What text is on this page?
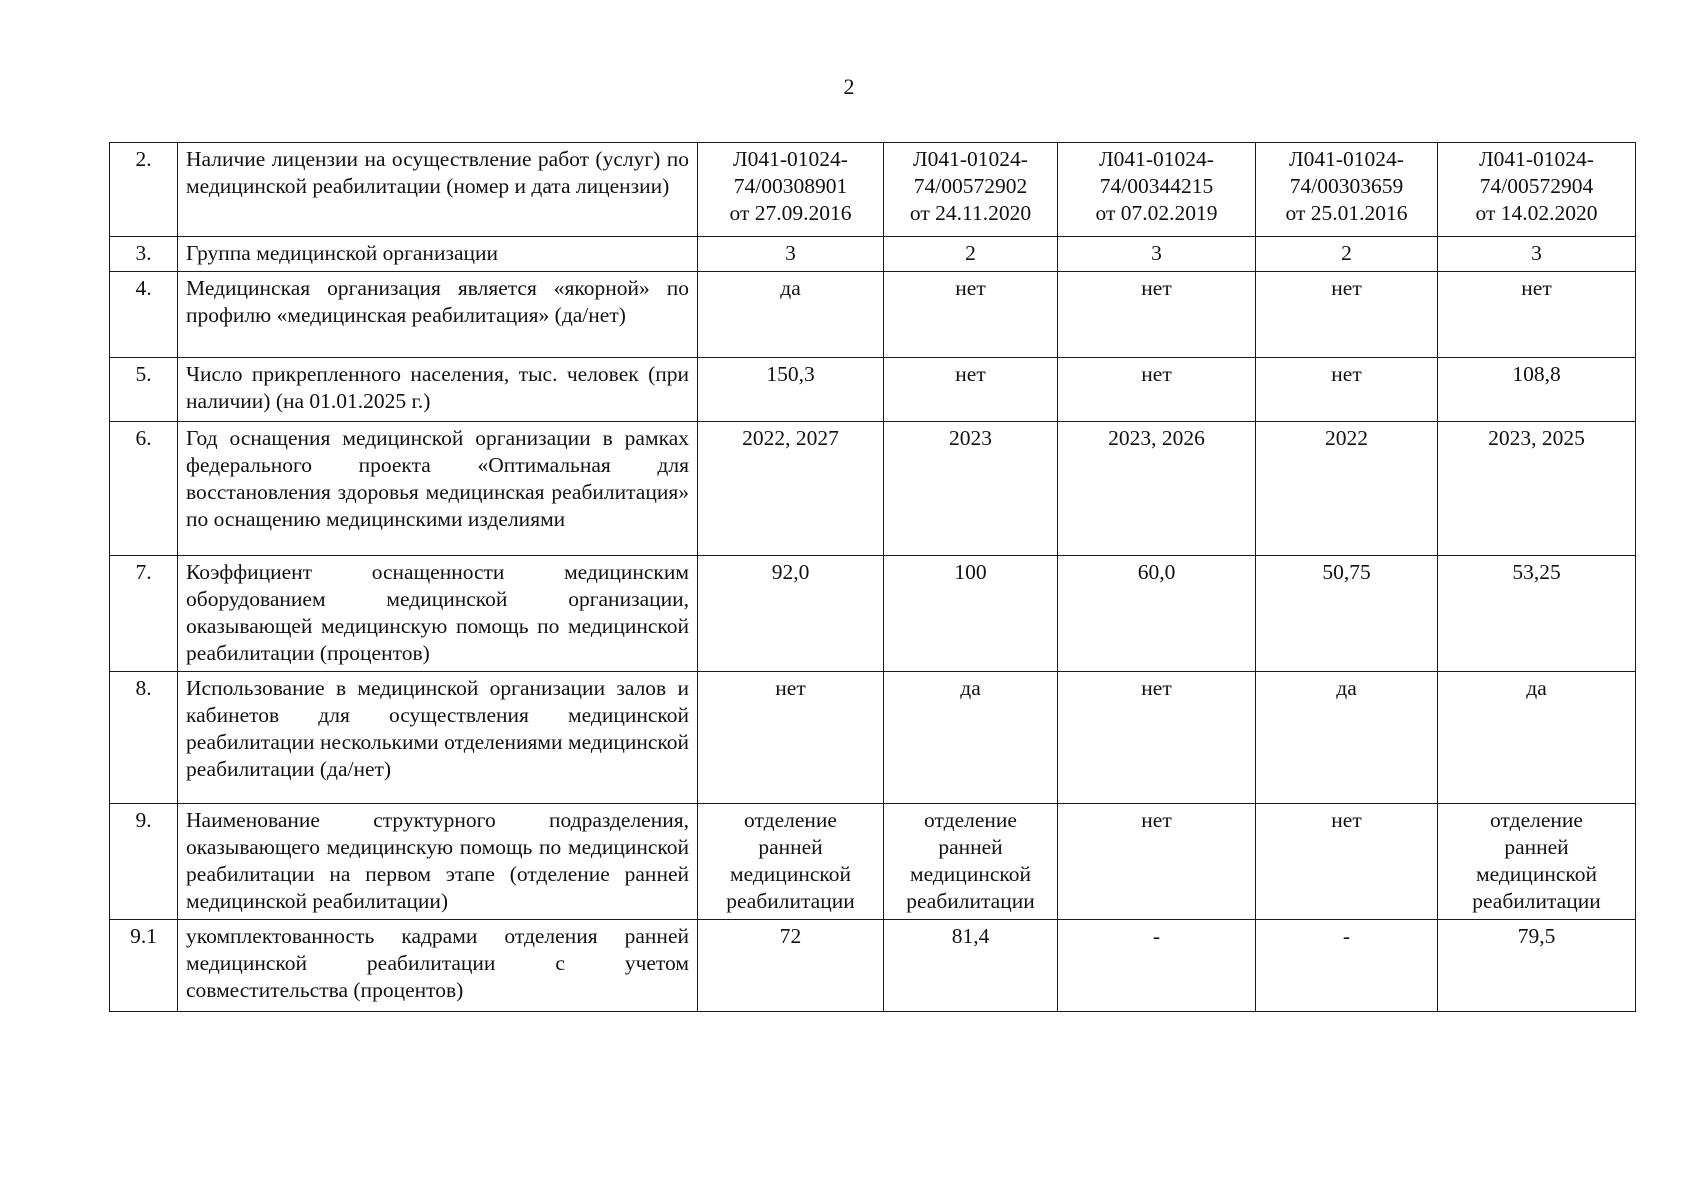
2
2.	Наличие лицензии на осуществление работ (услуг) по медицинской реабилитации (номер и дата лицензии)	Л041-01024-
74/00308901
от 27.09.2016	Л041-01024-
74/00572902
от 24.11.2020	Л041-01024-
74/00344215
от 07.02.2019	Л041-01024-
74/00303659
от 25.01.2016	Л041-01024-
74/00572904
от 14.02.2020

3.	Группа медицинской организации	3	2	3	2	3

4.	Медицинская организация является «якорной» по профилю «медицинская реабилитация» (да/нет)	да	нет	нет	нет	нет

5.	Число прикрепленного населения, тыс. человек (при наличии) (на 01.01.2025 г.)	150,3	нет	нет	нет	108,8

6.	Год оснащения медицинской организации в рамках федерального проекта «Оптимальная для восстановления здоровья медицинская реабилитация» по оснащению медицинскими изделиями	2022, 2027	2023	2023, 2026	2022	2023, 2025

7.	Коэффициент оснащенности медицинским оборудованием медицинской организации, оказывающей медицинскую помощь по медицинской реабилитации (процентов)	92,0	100	60,0	50,75	53,25

8.	Использование в медицинской организации залов и кабинетов для осуществления медицинской реабилитации несколькими отделениями медицинской реабилитации (да/нет)	нет	да	нет	да	да

9.	Наименование структурного подразделения, оказывающего медицинскую помощь по медицинской реабилитации на первом этапе (отделение ранней медицинской реабилитации)	отделение
ранней
медицинской
реабилитации	отделение
ранней
медицинской
реабилитации	нет	нет	отделение
ранней
медицинской
реабилитации

9.1	укомплектованность кадрами отделения ранней медицинской реабилитации с учетом совместительства (процентов)	72	81,4	-	-	79,5
